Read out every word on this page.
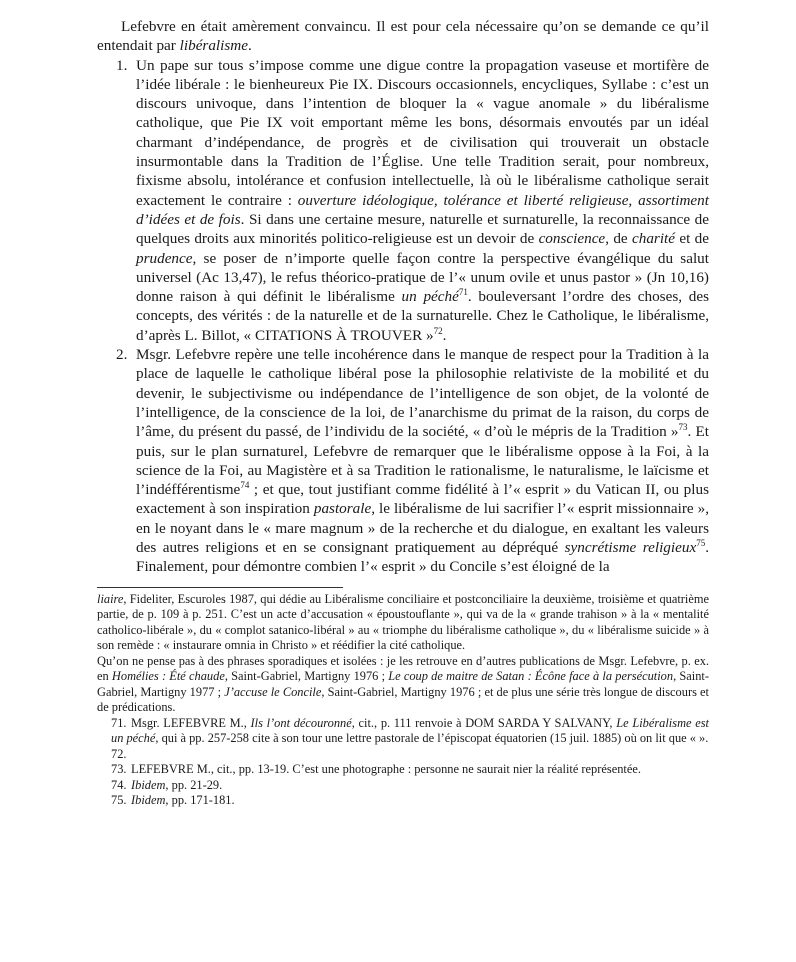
Lefebvre en était amèrement convaincu. Il est pour cela nécessaire qu’on se demande ce qu’il entendait par libéralisme.

1. Un pape sur tous s’impose comme une digue contre la propagation vaseuse et mortifère de l’idée libérale : le bienheureux Pie IX. Discours occasionnels, encycliques, Syllabe : c’est un discours univoque, dans l’intention de bloquer la « vague anomale » du libéralisme catholique, que Pie IX voit emportant même les bons, désormais envoutés par un idéal charmant d’indépendance, de progrès et de civilisation qui trouverait un obstacle insurmontable dans la Tradition de l’Église. Une telle Tradition serait, pour nombreux, fixisme absolu, intolérance et confusion intellectuelle, là où le libéralisme catholique serait exactement le contraire : ouverture idéologique, tolérance et liberté religieuse, assortiment d’idées et de fois. Si dans une certaine mesure, naturelle et surnaturelle, la reconnaissance de quelques droits aux minorités politico-religieuse est un devoir de conscience, de charité et de prudence, se poser de n’importe quelle façon contre la perspective évangélique du salut universel (Ac 13,47), le refus théorico-pratique de l’« unum ovile et unus pastor » (Jn 10,16) donne raison à qui définit le libéralisme un péché$^{71}$. bouleversant l’ordre des choses, des concepts, des vérités : de la naturelle et de la surnaturelle. Chez le Catholique, le libéralisme, d’après L. Billot, « CITATIONS À TROUVER »$^{72}$.

2. Msgr. Lefebvre repère une telle incohérence dans le manque de respect pour la Tradition à la place de laquelle le catholique libéral pose la philosophie relativiste de la mobilité et du devenir, le subjectivisme ou indépendance de l’intelligence de son objet, de la volonté de l’intelligence, de la conscience de la loi, de l’anarchisme du primat de la raison, du corps de l’âme, du présent du passé, de l’individu de la société, « d’où le mépris de la Tradition »$^{73}$. Et puis, sur le plan surnaturel, Lefebvre de remarquer que le libéralisme oppose à la Foi, à la science de la Foi, au Magistère et à sa Tradition le rationalisme, le naturalisme, le laïcisme et l’indéfférentisme$^{74}$ ; et que, tout justifiant comme fidélité à l’« esprit » du Vatican II, ou plus exactement à son inspiration pastorale, le libéralisme de lui sacrifier l’« esprit missionnaire », en le noyant dans le « mare magnum » de la recherche et du dialogue, en exaltant les valeurs des autres religions et en se consignant pratiquement au dépréqué syncrétisme religieux$^{75}$. Finalement, pour démontre combien l’« esprit » du Concile s’est éloigné de la

liaire, Fideliter, Escuroles 1987, qui dédie au Libéralisme conciliaire et postconciliaire la deuxième, troisième et quatrième partie, de p. 109 à p. 251. C’est un acte d’accusation « époustouflante », qui va de la « grande trahison » à la « mentalité catholico-libérale », du « complot satanico-libéral » au « triomphe du libéralisme catholique », du « libéralisme suicide » à son remède : « instaurare omnia in Christo » et réédifier la cité catholique.

Qu’on ne pense pas à des phrases sporadiques et isolées : je les retrouve en d’autres publications de Msgr. Lefebvre, p. ex. en Homélies : Été chaude, Saint-Gabriel, Martigny 1976 ; Le coup de maitre de Satan : Écône face à la persécution, Saint-Gabriel, Martigny 1977 ; J’accuse le Concile, Saint-Gabriel, Martigny 1976 ; et de plus une série très longue de discours et de prédications.

71. Msgr. LEFEBVRE M., Ils l’ont découronné, cit., p. 111 renvoie à DOM SARDA Y SALVANY, Le Libéralisme est un péché, qui à pp. 257-258 cite à son tour une lettre pastorale de l’épiscopat équatorien (15 juil. 1885) où on lit que « ».

72.

73. LEFEBVRE M., cit., pp. 13-19. C’est une photographe : personne ne saurait nier la réalité représentée.

74. Ibidem, pp. 21-29.

75. Ibidem, pp. 171-181.
